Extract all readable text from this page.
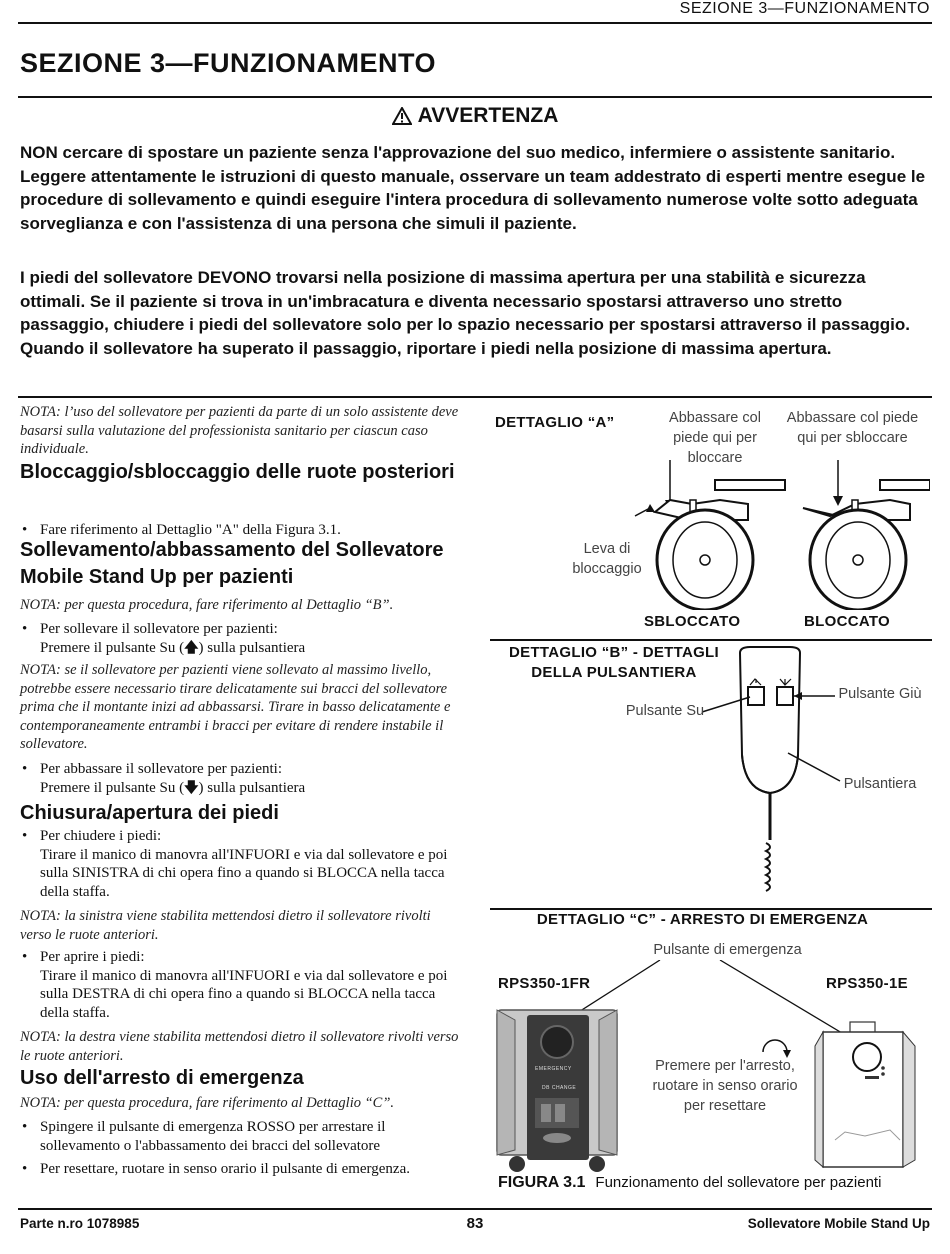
SEZIONE 3—FUNZIONAMENTO
SEZIONE 3—FUNZIONAMENTO
AVVERTENZA
NON cercare di spostare un paziente senza l'approvazione del suo medico, infermiere o assistente sanitario. Leggere attentamente le istruzioni di questo manuale, osservare un team addestrato di esperti mentre esegue le procedure di sollevamento e quindi eseguire l'intera procedura di sollevamento numerose volte sotto adeguata sorveglianza e con l'assistenza di una persona che simuli il paziente.
I piedi del sollevatore DEVONO trovarsi nella posizione di massima apertura per una stabilità e sicurezza ottimali. Se il paziente si trova in un'imbracatura e diventa necessario spostarsi attraverso uno stretto passaggio, chiudere i piedi del sollevatore solo per lo spazio necessario per spostarsi attraverso il passaggio. Quando il sollevatore ha superato il passaggio, riportare i piedi nella posizione di massima apertura.
NOTA: l’uso del sollevatore per pazienti da parte di un solo assistente deve basarsi sulla valutazione del professionista sanitario per ciascun caso individuale.
Bloccaggio/sbloccaggio delle ruote posteriori
• Fare riferimento al Dettaglio "A" della Figura 3.1.
Sollevamento/abbassamento del Sollevatore Mobile Stand Up per pazienti
NOTA: per questa procedura, fare riferimento al Dettaglio “B”.
• Per sollevare il sollevatore per pazienti:
Premere il pulsante Su (🡅) sulla pulsantiera
NOTA: se il sollevatore per pazienti viene sollevato al massimo livello, potrebbe essere necessario tirare delicatamente sui bracci del sollevatore prima che il montante inizi ad abbassarsi. Tirare in basso delicatamente e contemporaneamente entrambi i bracci per evitare di rendere instabile il sollevatore.
• Per abbassare il sollevatore per pazienti:
Premere il pulsante Su (🡇) sulla pulsantiera
Chiusura/apertura dei piedi
• Per chiudere i piedi:
Tirare il manico di manovra all'INFUORI e via dal sollevatore e poi sulla SINISTRA di chi opera fino a quando si BLOCCA nella tacca della staffa.
NOTA: la sinistra viene stabilita mettendosi dietro il sollevatore rivolti verso le ruote anteriori.
• Per aprire i piedi:
Tirare il manico di manovra all'INFUORI e via dal sollevatore e poi sulla DESTRA di chi opera fino a quando si BLOCCA nella tacca della staffa.
NOTA: la destra viene stabilita mettendosi dietro il sollevatore rivolti verso le ruote anteriori.
Uso dell'arresto di emergenza
NOTA: per questa procedura, fare riferimento al Dettaglio “C”.
• Spingere il pulsante di emergenza ROSSO per arrestare il sollevamento o l'abbassamento dei bracci del sollevatore
• Per resettare, ruotare in senso orario il pulsante di emergenza.
DETTAGLIO “A”	Abbassare col piede qui per bloccare
Abbassare col piede qui per sbloccare
Leva di bloccaggio
SBLOCCATO	BLOCCATO
DETTAGLIO “B” - DETTAGLI DELLA PULSANTIERA
Pulsante Su
Pulsante Giù
Pulsantiera
DETTAGLIO “C” - ARRESTO DI EMERGENZA
Pulsante di emergenza
RPS350-1FR	RPS350-1E
EMERGENCY
DB CHANGE
Premere per l'arresto, ruotare in senso orario per resettare
FIGURA 3.1 Funzionamento del sollevatore per pazienti
Parte n.ro 1078985	83	Sollevatore Mobile Stand Up
